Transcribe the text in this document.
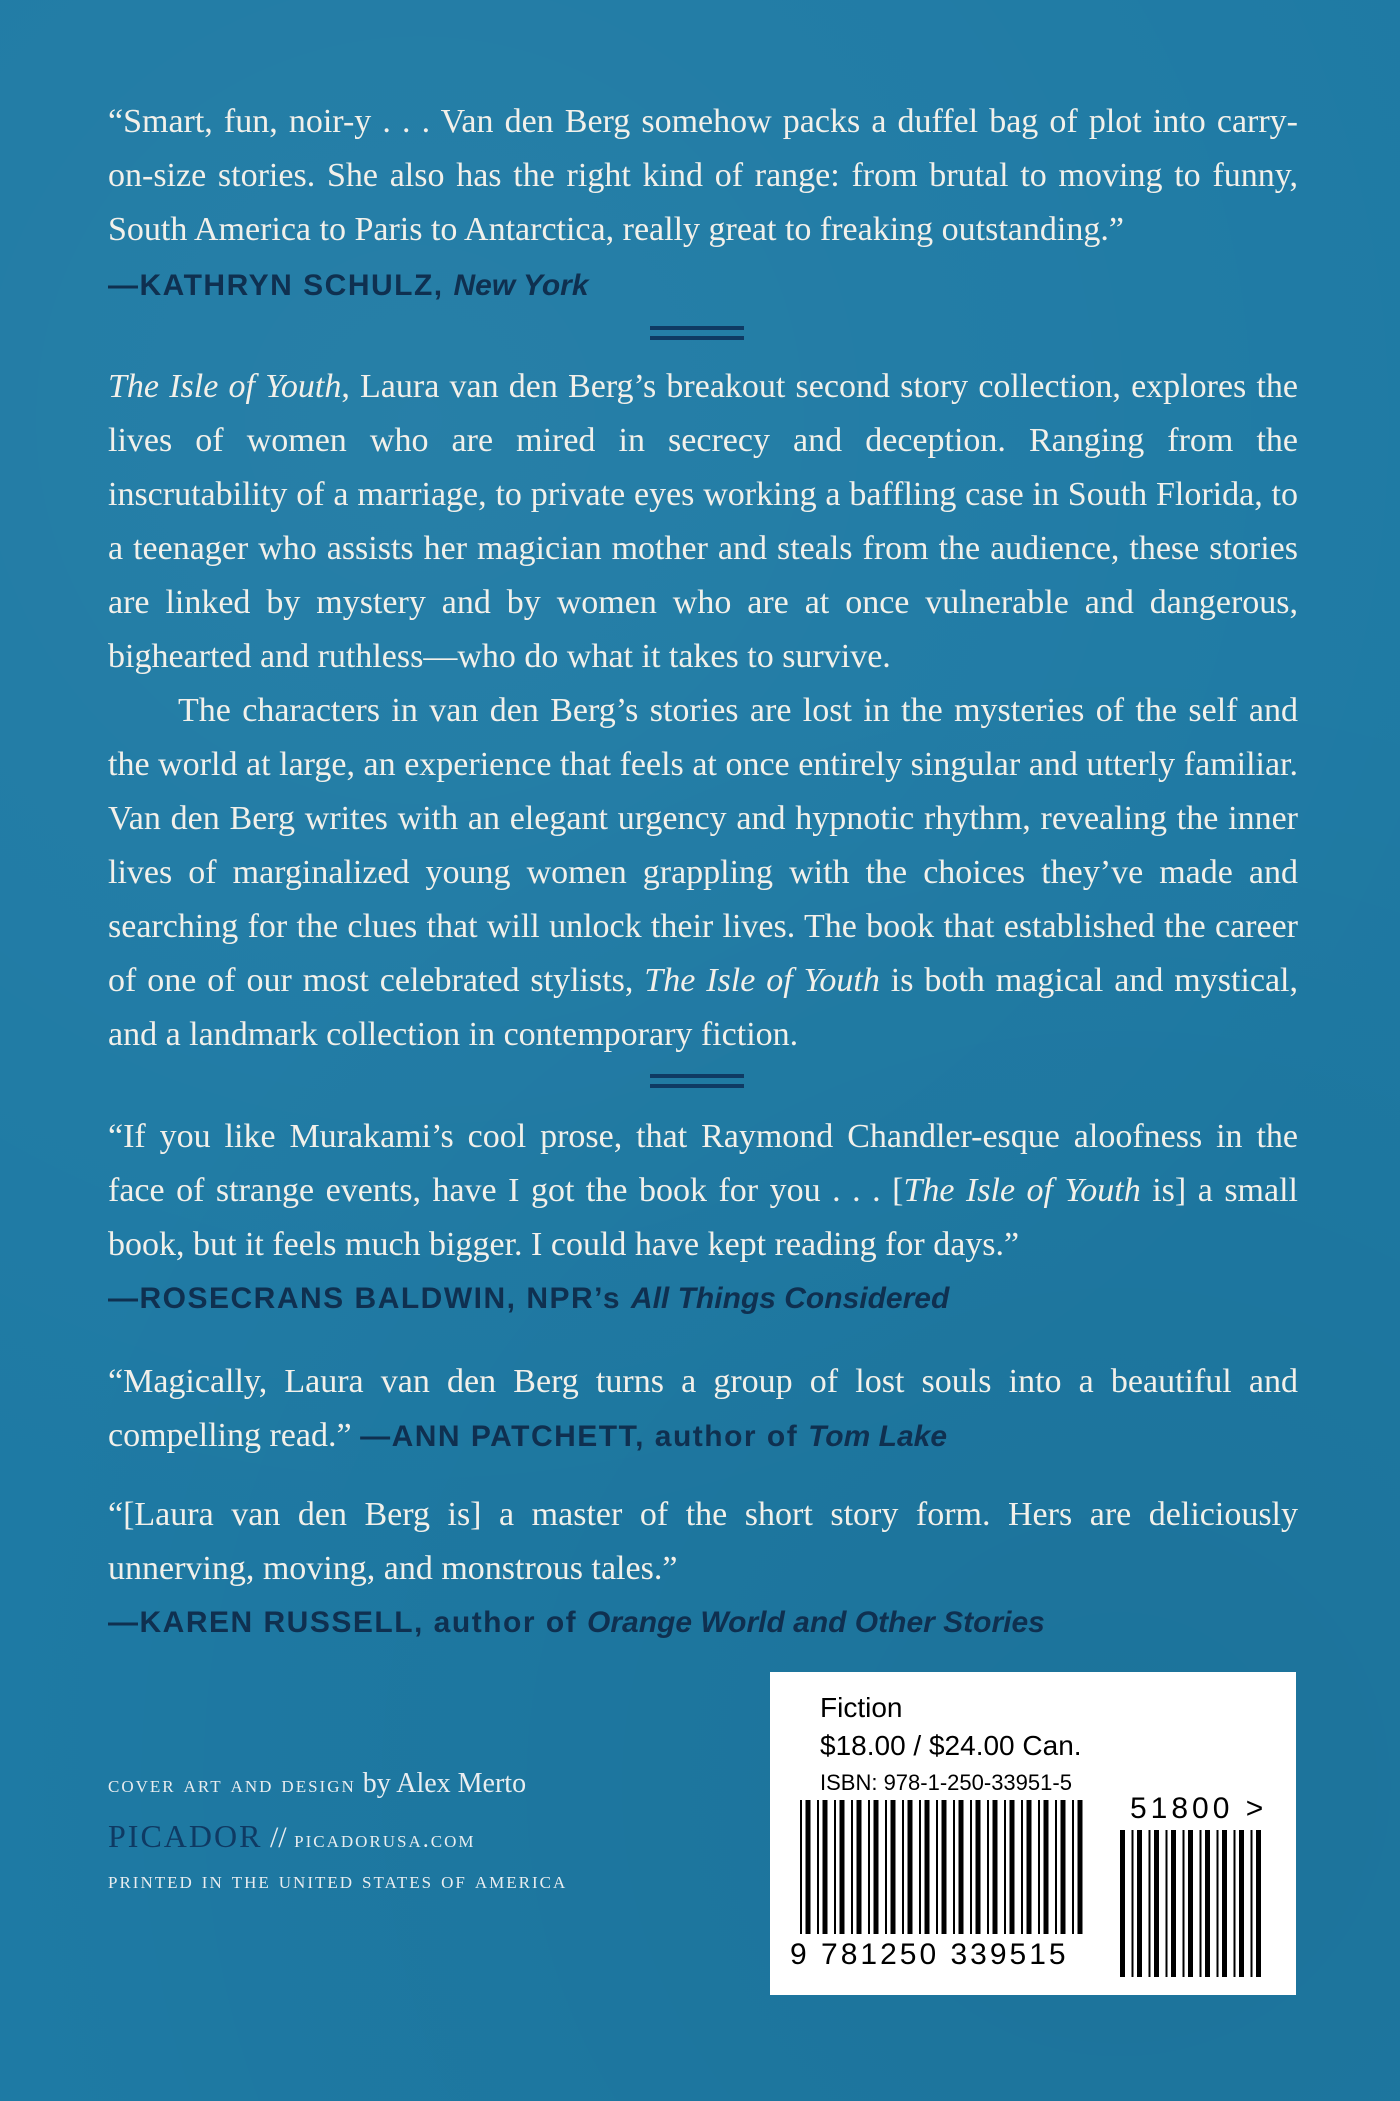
“Smart, fun, noir-y . . . Van den Berg somehow packs a duffel bag of plot into carry-on-size stories. She also has the right kind of range: from brutal to moving to funny, South America to Paris to Antarctica, really great to freaking outstanding.”

—KATHRYN SCHULZ, New York

The Isle of Youth, Laura van den Berg’s breakout second story collection, explores the lives of women who are mired in secrecy and deception. Ranging from the inscrutability of a marriage, to private eyes working a baffling case in South Florida, to a teenager who assists her magician mother and steals from the audience, these stories are linked by mystery and by women who are at once vulnerable and dangerous, bighearted and ruthless—who do what it takes to survive.

The characters in van den Berg’s stories are lost in the mysteries of the self and the world at large, an experience that feels at once entirely singular and utterly familiar. Van den Berg writes with an elegant urgency and hypnotic rhythm, revealing the inner lives of marginalized young women grappling with the choices they’ve made and searching for the clues that will unlock their lives. The book that established the career of one of our most celebrated stylists, The Isle of Youth is both magical and mystical, and a landmark collection in contemporary fiction.

“If you like Murakami’s cool prose, that Raymond Chandler-esque aloofness in the face of strange events, have I got the book for you . . . [The Isle of Youth is] a small book, but it feels much bigger. I could have kept reading for days.”

—ROSECRANS BALDWIN, NPR’s All Things Considered

“Magically, Laura van den Berg turns a group of lost souls into a beautiful and compelling read.” —ANN PATCHETT, author of Tom Lake

“[Laura van den Berg is] a master of the short story form. Hers are deliciously unnerving, moving, and monstrous tales.”

—KAREN RUSSELL, author of Orange World and Other Stories

cover art and design by Alex Merto

PICADOR // picadorusa.com

printed in the united states of america

Fiction
$18.00 / $24.00 Can.
ISBN: 978-1-250-33951-5
51800 >
9 781250 339515
